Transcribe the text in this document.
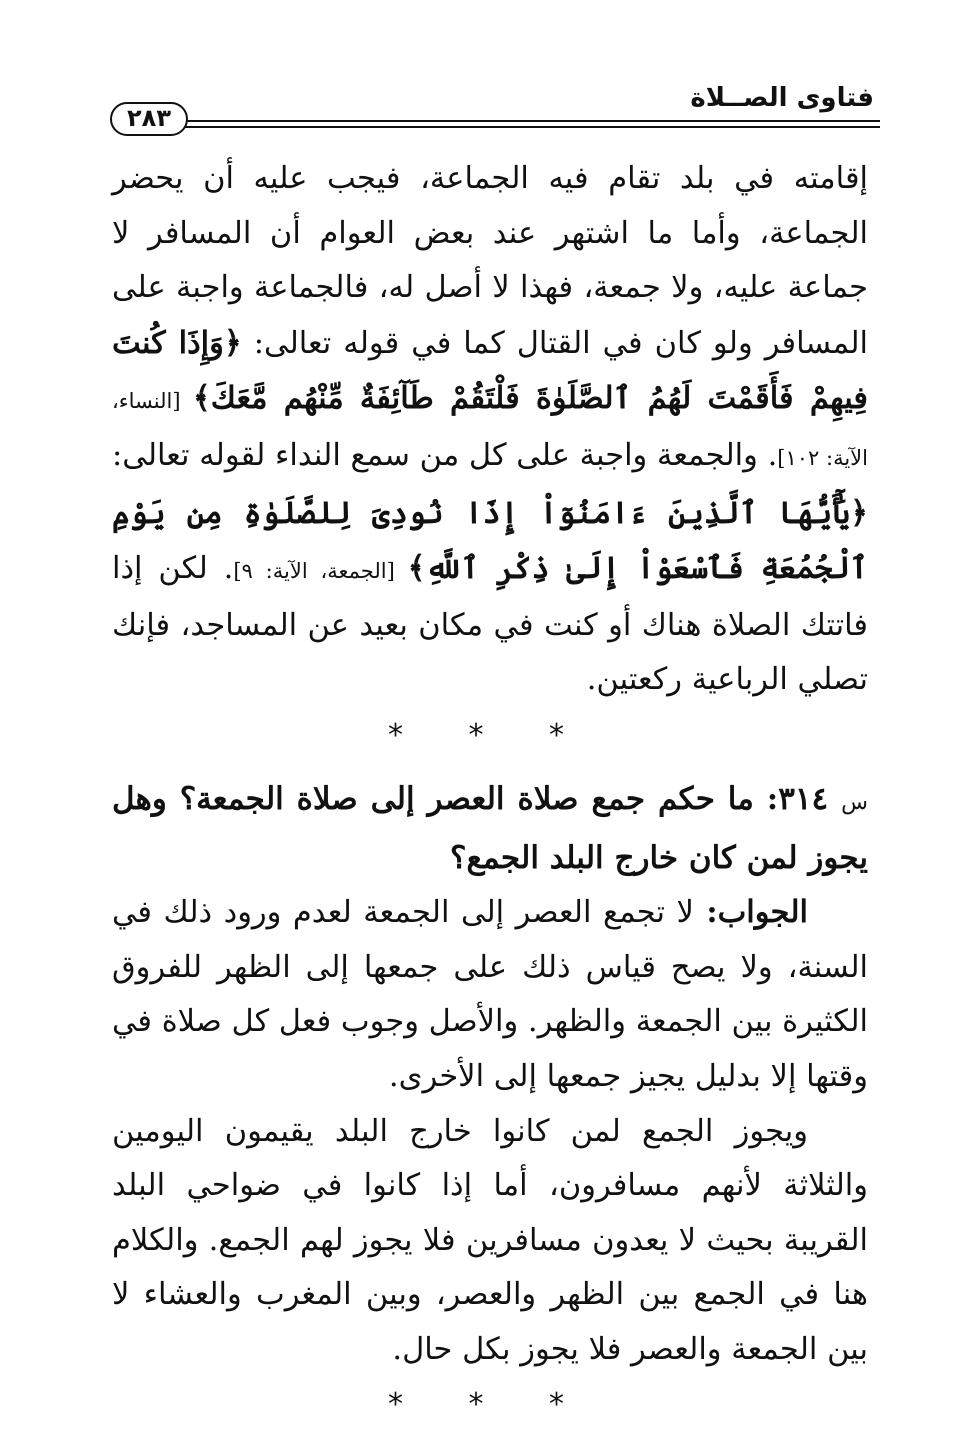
فتاوى الصــلاة
٢٨٣

إقامته في بلد تقام فيه الجماعة، فيجب عليه أن يحضر الجماعة، وأما ما اشتهر عند بعض العوام أن المسافر لا جماعة عليه، ولا جمعة، فهذا لا أصل له، فالجماعة واجبة على المسافر ولو كان في القتال كما في قوله تعالى: ﴿وَإِذَا كُنتَ فِيهِمْ فَأَقَمْتَ لَهُمُ ٱلصَّلَوٰةَ فَلْتَقُمْ طَآئِفَةٌ مِّنْهُم مَّعَكَ﴾ [النساء، الآية: ١٠٢]. والجمعة واجبة على كل من سمع النداء لقوله تعالى: ﴿يَٰٓأَيُّهَا ٱلَّذِينَ ءَامَنُوٓاْ إِذَا نُودِىَ لِلصَّلَوٰةِ مِن يَوْمِ ٱلْجُمُعَةِ فَٱسْعَوْاْ إِلَىٰ ذِكْرِ ٱللَّهِ﴾ [الجمعة، الآية: ٩]. لكن إذا فاتتك الصلاة هناك أو كنت في مكان بعيد عن المساجد، فإنك تصلي الرباعية ركعتين.

* * *

س ٣١٤: ما حكم جمع صلاة العصر إلى صلاة الجمعة؟ وهل يجوز لمن كان خارج البلد الجمع؟

الجواب: لا تجمع العصر إلى الجمعة لعدم ورود ذلك في السنة، ولا يصح قياس ذلك على جمعها إلى الظهر للفروق الكثيرة بين الجمعة والظهر. والأصل وجوب فعل كل صلاة في وقتها إلا بدليل يجيز جمعها إلى الأخرى.

ويجوز الجمع لمن كانوا خارج البلد يقيمون اليومين والثلاثة لأنهم مسافرون، أما إذا كانوا في ضواحي البلد القريبة بحيث لا يعدون مسافرين فلا يجوز لهم الجمع. والكلام هنا في الجمع بين الظهر والعصر، وبين المغرب والعشاء لا بين الجمعة والعصر فلا يجوز بكل حال.

* * *
